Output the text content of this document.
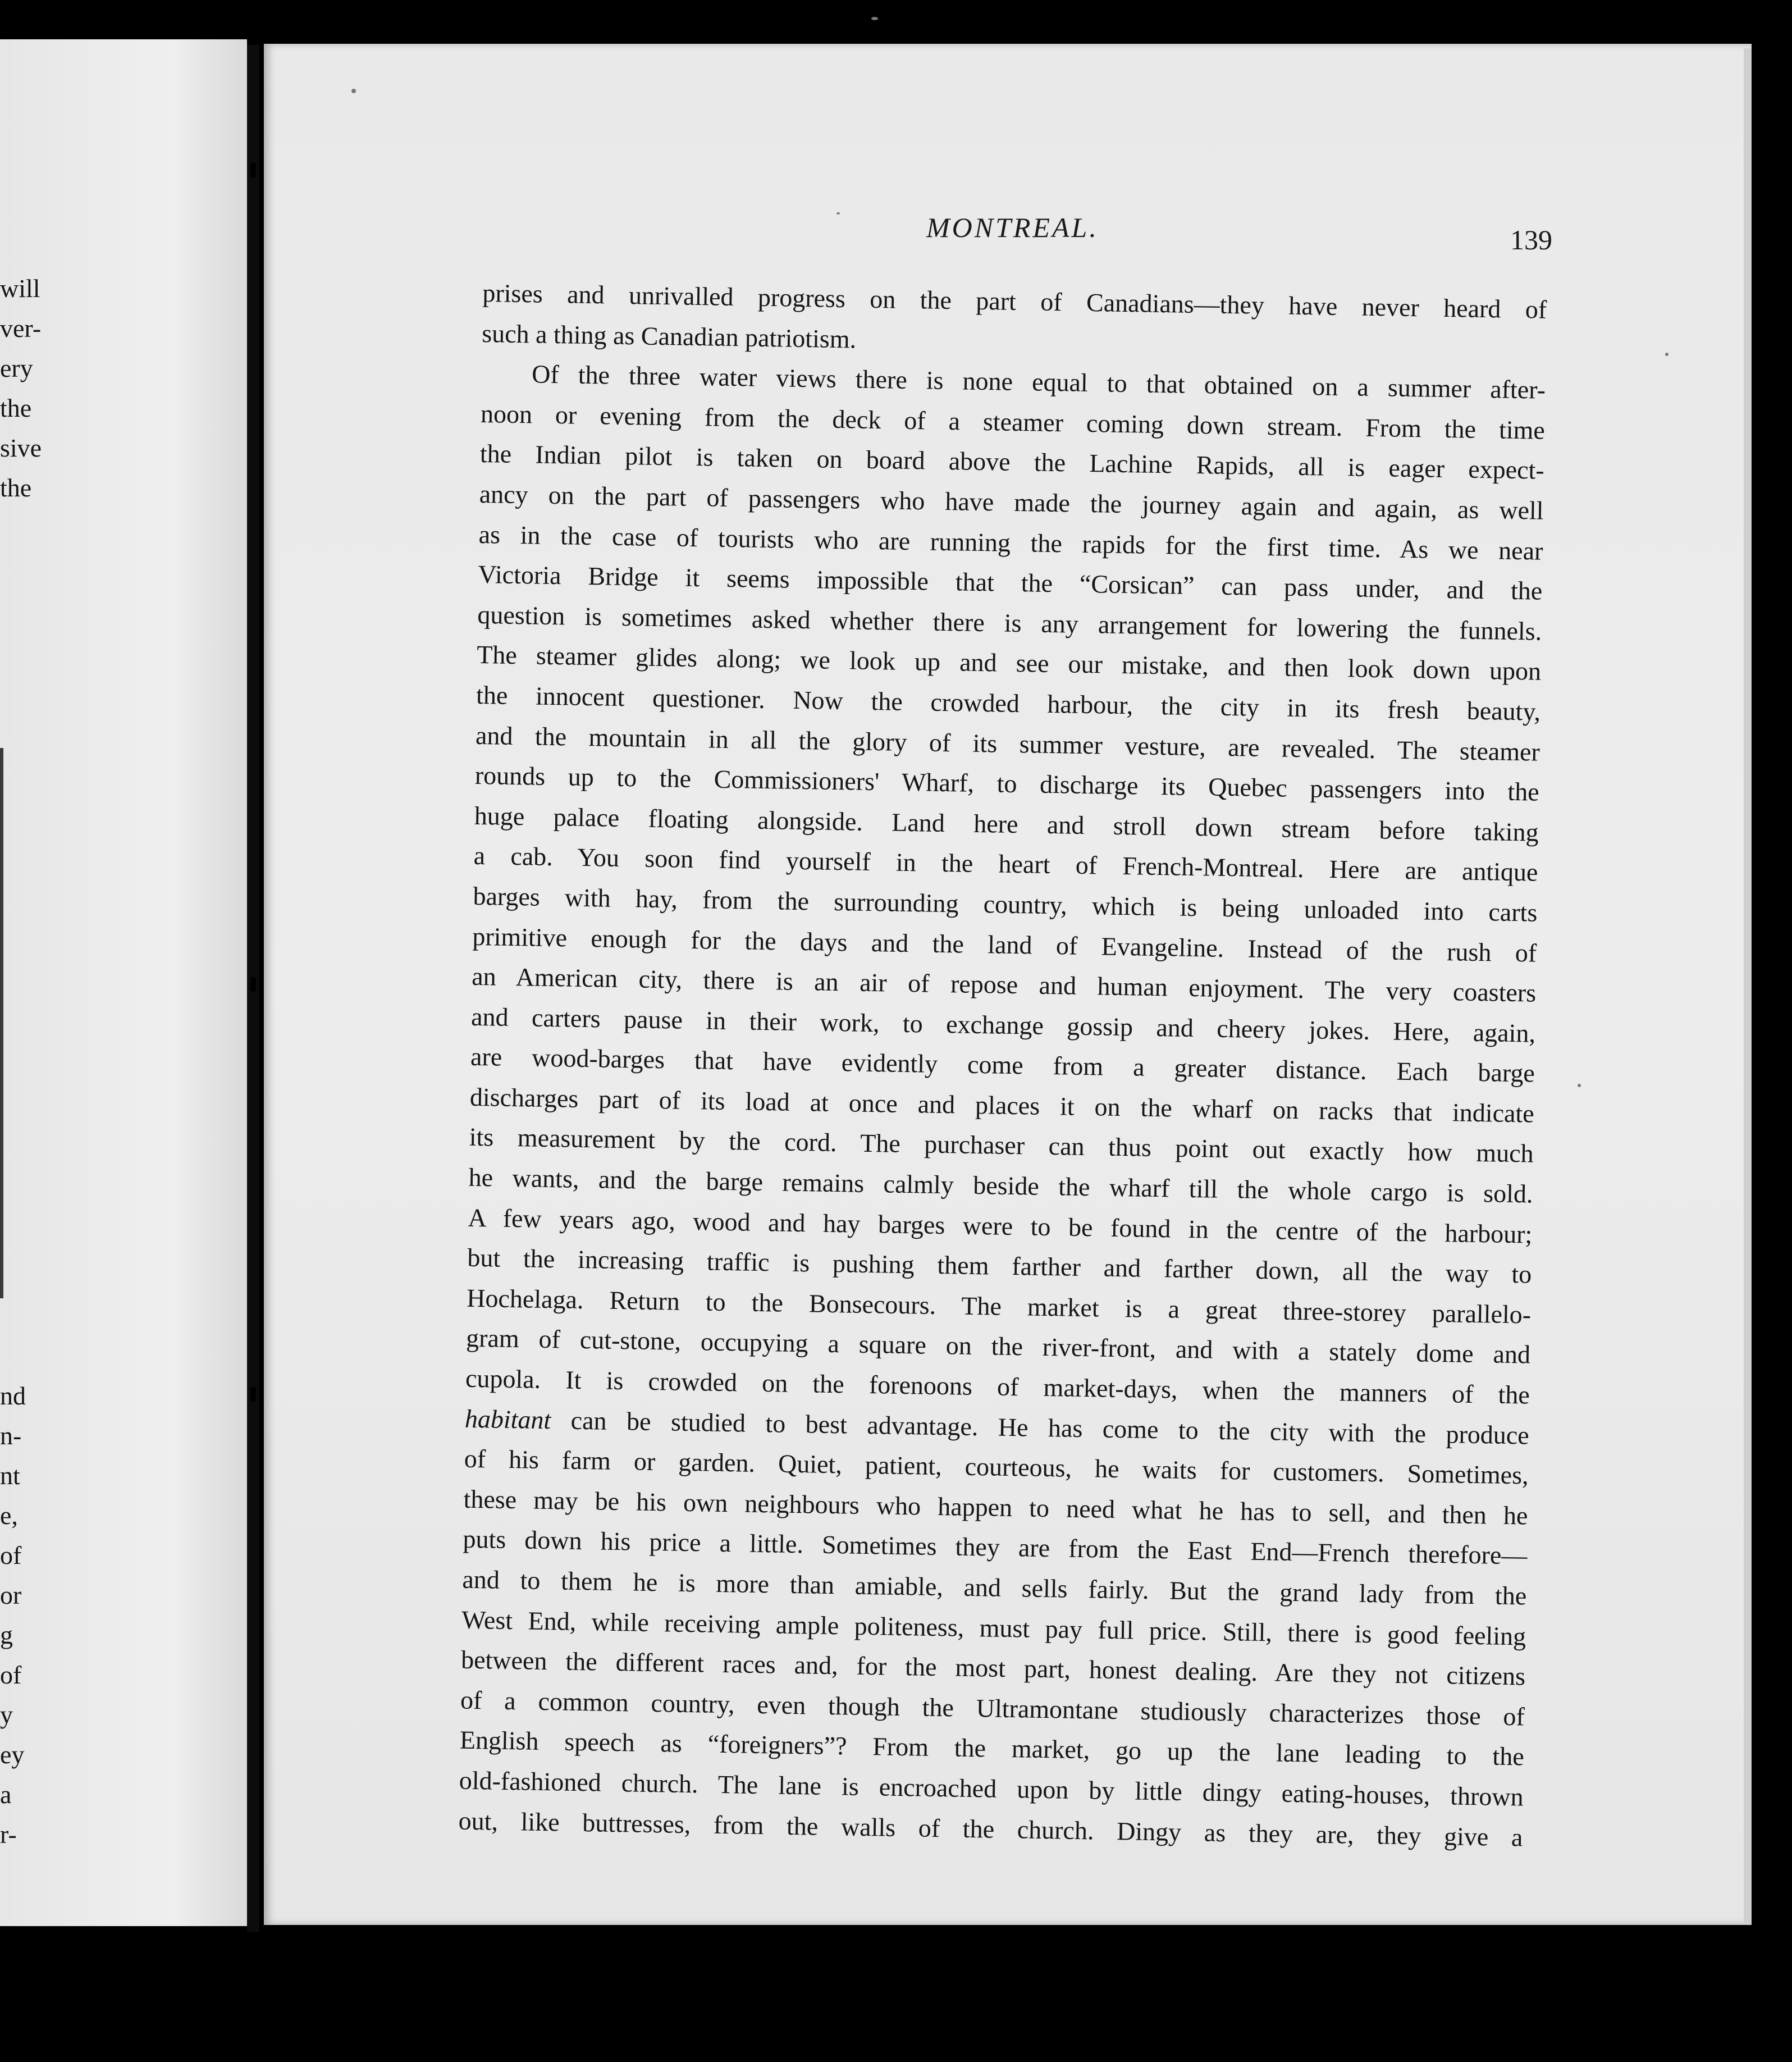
will
ver-
ery
the
sive
the
nd
n-
nt
e,
of
or
g
of
y
ey
a
r-
MONTREAL.	139
prises and unrivalled progress on the part of Canadians—they have never heard of
such a thing as Canadian patriotism.
Of the three water views there is none equal to that obtained on a summer after-
noon or evening from the deck of a steamer coming down stream. From the time
the Indian pilot is taken on board above the Lachine Rapids, all is eager expect-
ancy on the part of passengers who have made the journey again and again, as well
as in the case of tourists who are running the rapids for the first time. As we near
Victoria Bridge it seems impossible that the “Corsican” can pass under, and the
question is sometimes asked whether there is any arrangement for lowering the funnels.
The steamer glides along; we look up and see our mistake, and then look down upon
the innocent questioner. Now the crowded harbour, the city in its fresh beauty,
and the mountain in all the glory of its summer vesture, are revealed. The steamer
rounds up to the Commissioners' Wharf, to discharge its Quebec passengers into the
huge palace floating alongside. Land here and stroll down stream before taking
a cab. You soon find yourself in the heart of French-Montreal. Here are antique
barges with hay, from the surrounding country, which is being unloaded into carts
primitive enough for the days and the land of Evangeline. Instead of the rush of
an American city, there is an air of repose and human enjoyment. The very coasters
and carters pause in their work, to exchange gossip and cheery jokes. Here, again,
are wood-barges that have evidently come from a greater distance. Each barge
discharges part of its load at once and places it on the wharf on racks that indicate
its measurement by the cord. The purchaser can thus point out exactly how much
he wants, and the barge remains calmly beside the wharf till the whole cargo is sold.
A few years ago, wood and hay barges were to be found in the centre of the harbour;
but the increasing traffic is pushing them farther and farther down, all the way to
Hochelaga. Return to the Bonsecours. The market is a great three-storey parallelo-
gram of cut-stone, occupying a square on the river-front, and with a stately dome and
cupola. It is crowded on the forenoons of market-days, when the manners of the
habitant can be studied to best advantage. He has come to the city with the produce
of his farm or garden. Quiet, patient, courteous, he waits for customers. Sometimes,
these may be his own neighbours who happen to need what he has to sell, and then he
puts down his price a little. Sometimes they are from the East End—French therefore—
and to them he is more than amiable, and sells fairly. But the grand lady from the
West End, while receiving ample politeness, must pay full price. Still, there is good feeling
between the different races and, for the most part, honest dealing. Are they not citizens
of a common country, even though the Ultramontane studiously characterizes those of
English speech as “foreigners”? From the market, go up the lane leading to the
old-fashioned church. The lane is encroached upon by little dingy eating-houses, thrown
out, like buttresses, from the walls of the church. Dingy as they are, they give a
